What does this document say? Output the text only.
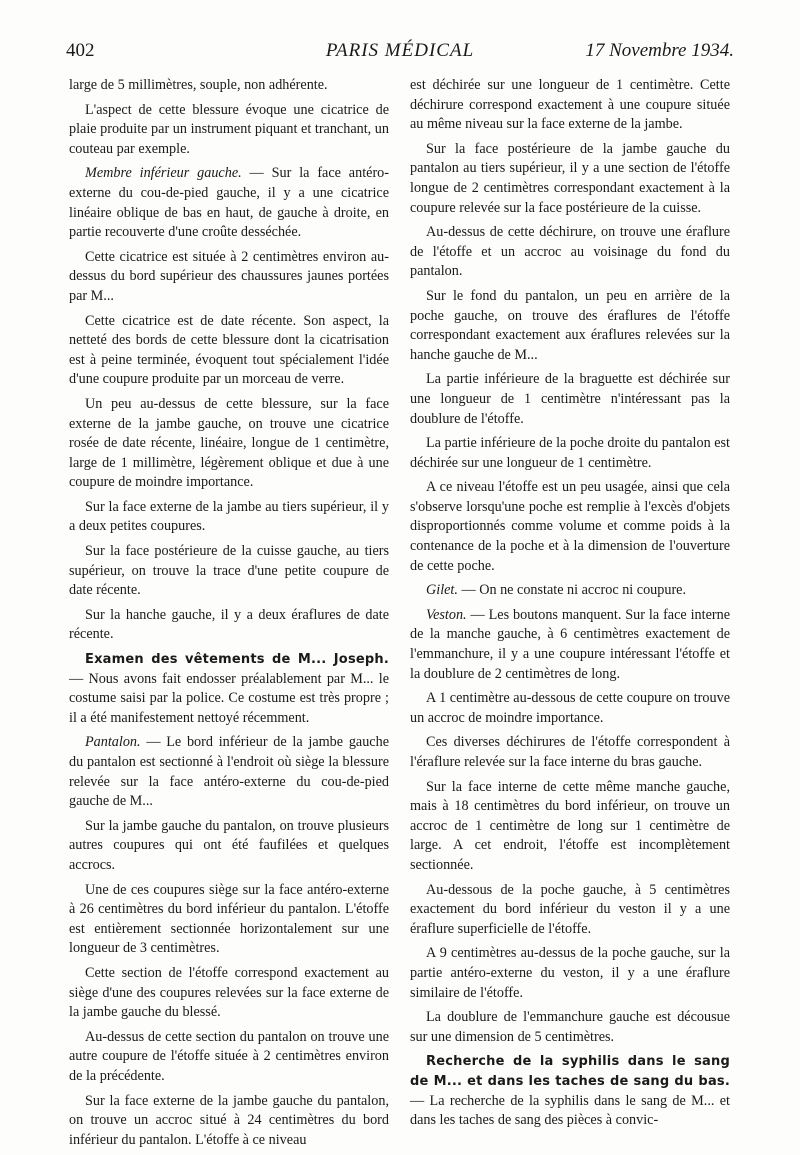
402	PARIS MÉDICAL	17 Novembre 1934.

large de 5 millimètres, souple, non adhérente.

L'aspect de cette blessure évoque une cicatrice de plaie produite par un instrument piquant et tranchant, un couteau par exemple.

Membre inférieur gauche. — Sur la face antéro-externe du cou-de-pied gauche, il y a une cicatrice linéaire oblique de bas en haut, de gauche à droite, en partie recouverte d'une croûte desséchée.

Cette cicatrice est située à 2 centimètres environ au-dessus du bord supérieur des chaussures jaunes portées par M...

Cette cicatrice est de date récente. Son aspect, la netteté des bords de cette blessure dont la cicatrisation est à peine terminée, évoquent tout spécialement l'idée d'une coupure produite par un morceau de verre.

Un peu au-dessus de cette blessure, sur la face externe de la jambe gauche, on trouve une cicatrice rosée de date récente, linéaire, longue de 1 centimètre, large de 1 millimètre, légèrement oblique et due à une coupure de moindre importance.

Sur la face externe de la jambe au tiers supérieur, il y a deux petites coupures.

Sur la face postérieure de la cuisse gauche, au tiers supérieur, on trouve la trace d'une petite coupure de date récente.

Sur la hanche gauche, il y a deux éraflures de date récente.

Examen des vêtements de M... Joseph. — Nous avons fait endosser préalablement par M... le costume saisi par la police. Ce costume est très propre ; il a été manifestement nettoyé récemment.

Pantalon. — Le bord inférieur de la jambe gauche du pantalon est sectionné à l'endroit où siège la blessure relevée sur la face antéro-externe du cou-de-pied gauche de M...

Sur la jambe gauche du pantalon, on trouve plusieurs autres coupures qui ont été faufilées et quelques accrocs.

Une de ces coupures siège sur la face antéro-externe à 26 centimètres du bord inférieur du pantalon. L'étoffe est entièrement sectionnée horizontalement sur une longueur de 3 centimètres.

Cette section de l'étoffe correspond exactement au siège d'une des coupures relevées sur la face externe de la jambe gauche du blessé.

Au-dessus de cette section du pantalon on trouve une autre coupure de l'étoffe située à 2 centimètres environ de la précédente.

Sur la face externe de la jambe gauche du pantalon, on trouve un accroc situé à 24 centimètres du bord inférieur du pantalon. L'étoffe à ce niveau

est déchirée sur une longueur de 1 centimètre. Cette déchirure correspond exactement à une coupure située au même niveau sur la face externe de la jambe.

Sur la face postérieure de la jambe gauche du pantalon au tiers supérieur, il y a une section de l'étoffe longue de 2 centimètres correspondant exactement à la coupure relevée sur la face postérieure de la cuisse.

Au-dessus de cette déchirure, on trouve une éraflure de l'étoffe et un accroc au voisinage du fond du pantalon.

Sur le fond du pantalon, un peu en arrière de la poche gauche, on trouve des éraflures de l'étoffe correspondant exactement aux éraflures relevées sur la hanche gauche de M...

La partie inférieure de la braguette est déchirée sur une longueur de 1 centimètre n'intéressant pas la doublure de l'étoffe.

La partie inférieure de la poche droite du pantalon est déchirée sur une longueur de 1 centimètre.

A ce niveau l'étoffe est un peu usagée, ainsi que cela s'observe lorsqu'une poche est remplie à l'excès d'objets disproportionnés comme volume et comme poids à la contenance de la poche et à la dimension de l'ouverture de cette poche.

Gilet. — On ne constate ni accroc ni coupure.

Veston. — Les boutons manquent. Sur la face interne de la manche gauche, à 6 centimètres exactement de l'emmanchure, il y a une coupure intéressant l'étoffe et la doublure de 2 centimètres de long.

A 1 centimètre au-dessous de cette coupure on trouve un accroc de moindre importance.

Ces diverses déchirures de l'étoffe correspondent à l'éraflure relevée sur la face interne du bras gauche.

Sur la face interne de cette même manche gauche, mais à 18 centimètres du bord inférieur, on trouve un accroc de 1 centimètre de long sur 1 centimètre de large. A cet endroit, l'étoffe est incomplètement sectionnée.

Au-dessous de la poche gauche, à 5 centimètres exactement du bord inférieur du veston il y a une éraflure superficielle de l'étoffe.

A 9 centimètres au-dessus de la poche gauche, sur la partie antéro-externe du veston, il y a une éraflure similaire de l'étoffe.

La doublure de l'emmanchure gauche est décousue sur une dimension de 5 centimètres.

Recherche de la syphilis dans le sang de M... et dans les taches de sang du bas. — La recherche de la syphilis dans le sang de M... et dans les taches de sang des pièces à convic-
